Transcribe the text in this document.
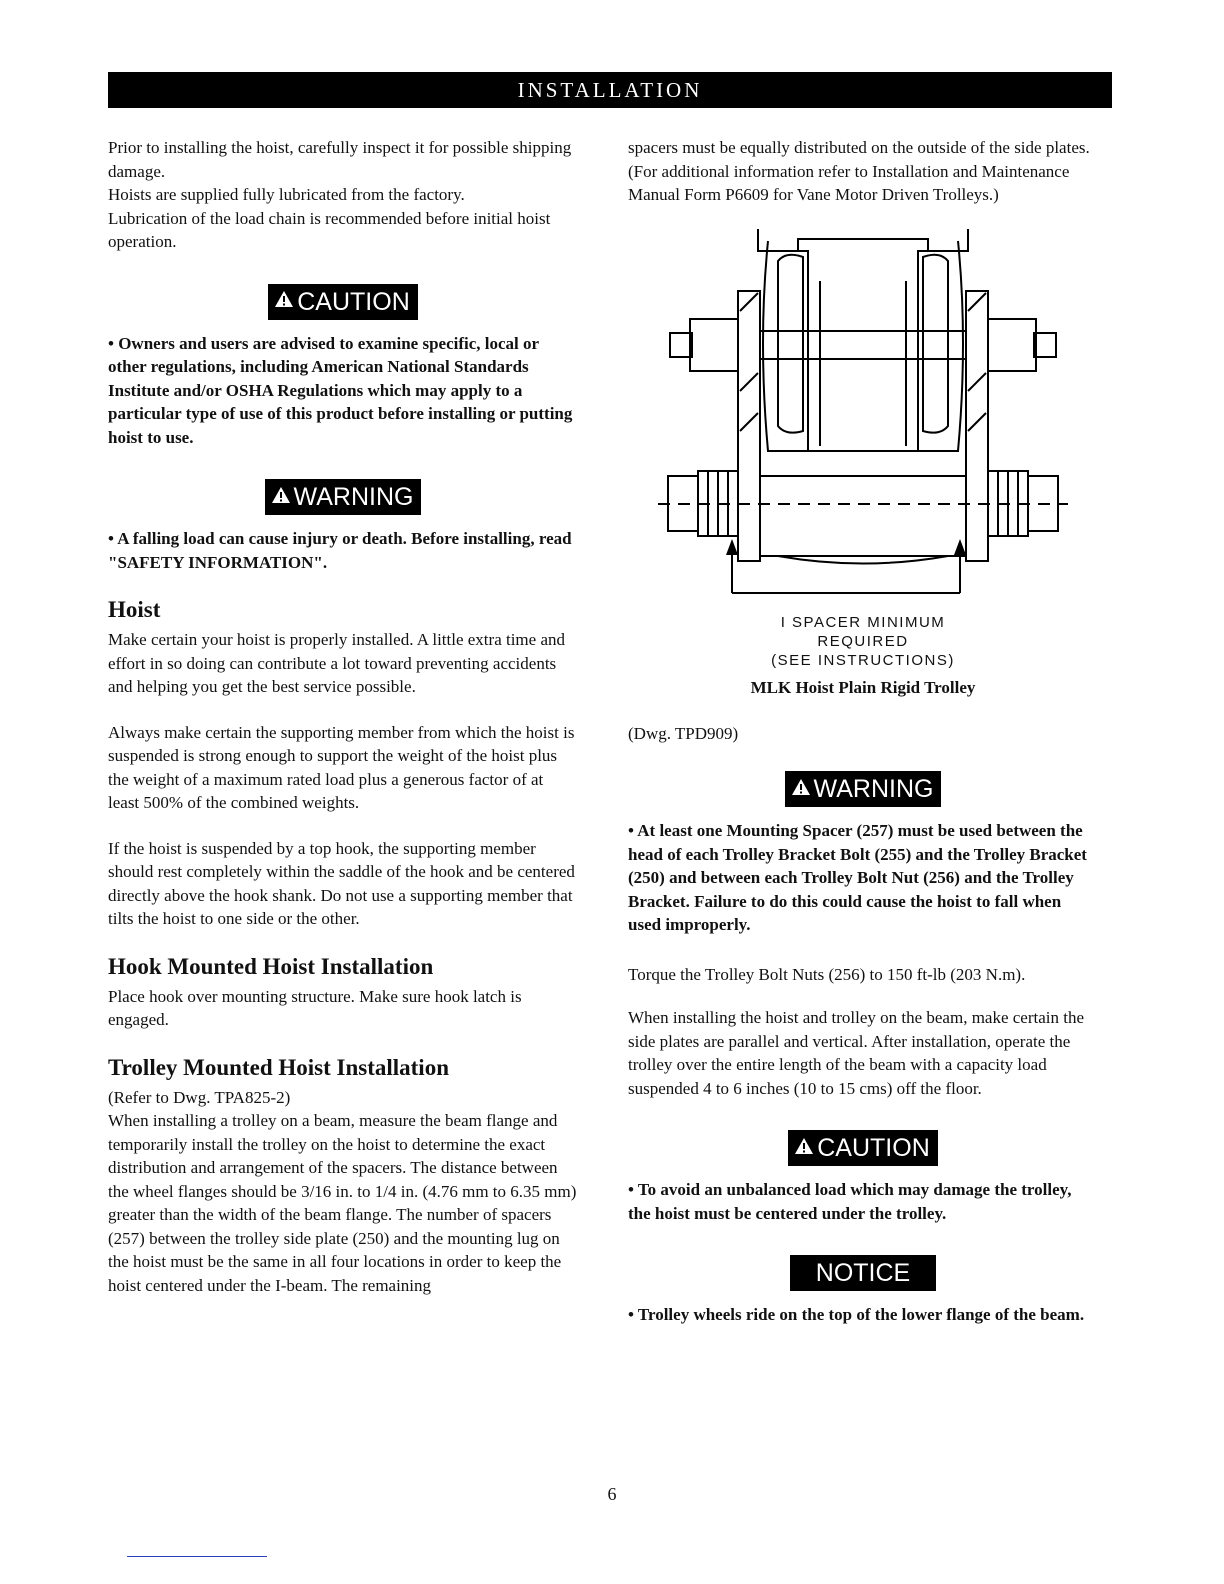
INSTALLATION

Prior to installing the hoist, carefully inspect it for possible shipping damage.

Hoists are supplied fully lubricated from the factory.

Lubrication of the load chain is recommended before initial hoist operation.

CAUTION

• Owners and users are advised to examine specific, local or other regulations, including American National Standards Institute and/or OSHA Regulations which may apply to a particular type of use of this product before installing or putting hoist to use.

WARNING

• A falling load can cause injury or death. Before installing, read "SAFETY INFORMATION".

Hoist

Make certain your hoist is properly installed. A little extra time and effort in so doing can contribute a lot toward preventing accidents and helping you get the best service possible.

Always make certain the supporting member from which the hoist is suspended is strong enough to support the weight of the hoist plus the weight of a maximum rated load plus a generous factor of at least 500% of the combined weights.

If the hoist is suspended by a top hook, the supporting member should rest completely within the saddle of the hook and be centered directly above the hook shank. Do not use a supporting member that tilts the hoist to one side or the other.

Hook Mounted Hoist Installation

Place hook over mounting structure. Make sure hook latch is engaged.

Trolley Mounted Hoist Installation

(Refer to Dwg. TPA825-2)

When installing a trolley on a beam, measure the beam flange and temporarily install the trolley on the hoist to determine the exact distribution and arrangement of the spacers. The distance between the wheel flanges should be 3/16 in. to 1/4 in. (4.76 mm to 6.35 mm) greater than the width of the beam flange. The number of spacers (257) between the trolley side plate (250) and the mounting lug on the hoist must be the same in all four locations in order to keep the hoist centered under the I-beam. The remaining

spacers must be equally distributed on the outside of the side plates. (For additional information refer to Installation and Maintenance Manual Form P6609 for Vane Motor Driven Trolleys.)

I SPACER MINIMUM
REQUIRED
(SEE INSTRUCTIONS)
MLK Hoist Plain Rigid Trolley

(Dwg. TPD909)

WARNING

• At least one Mounting Spacer (257) must be used between the head of each Trolley Bracket Bolt (255) and the Trolley Bracket (250) and between each Trolley Bolt Nut (256) and the Trolley Bracket. Failure to do this could cause the hoist to fall when used improperly.

Torque the Trolley Bolt Nuts (256) to 150 ft-lb (203 N.m).

When installing the hoist and trolley on the beam, make certain the side plates are parallel and vertical. After installation, operate the trolley over the entire length of the beam with a capacity load suspended 4 to 6 inches (10 to 15 cms) off the floor.

CAUTION

• To avoid an unbalanced load which may damage the trolley, the hoist must be centered under the trolley.

NOTICE

• Trolley wheels ride on the top of the lower flange of the beam.

6
